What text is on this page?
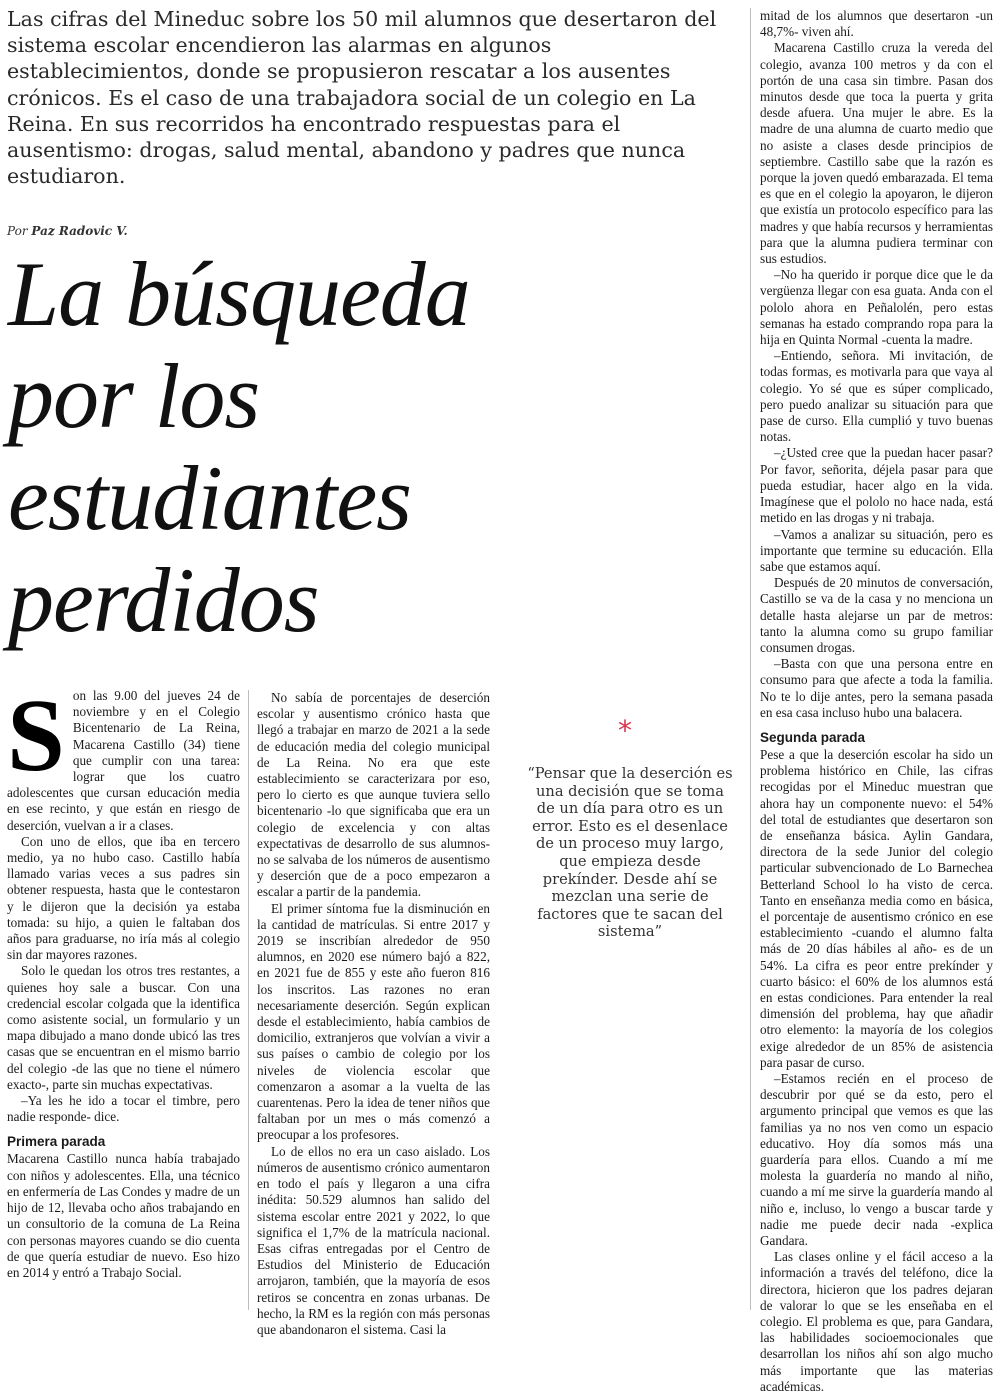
Las cifras del Mineduc sobre los 50 mil alumnos que desertaron del sistema escolar encendieron las alarmas en algunos establecimientos, donde se propusieron rescatar a los ausentes crónicos. Es el caso de una trabajadora social de un colegio en La Reina. En sus recorridos ha encontrado respuestas para el ausentismo: drogas, salud mental, abandono y padres que nunca estudiaron.
Por Paz Radovic V.
La búsqueda
por los
estudiantes
perdidos

Son las 9.00 del jueves 24 de noviembre y en el Colegio Bicentenario de La Reina, Macarena Castillo (34) tiene que cumplir con una tarea: lograr que los cuatro adolescentes que cursan educación media en ese recinto, y que están en riesgo de deserción, vuelvan a ir a clases.

Con uno de ellos, que iba en tercero medio, ya no hubo caso. Castillo había llamado varias veces a sus padres sin obtener respuesta, hasta que le contestaron y le dijeron que la decisión ya estaba tomada: su hijo, a quien le faltaban dos años para graduarse, no iría más al colegio sin dar mayores razones.

Solo le quedan los otros tres restantes, a quienes hoy sale a buscar. Con una credencial escolar colgada que la identifica como asistente social, un formulario y un mapa dibujado a mano donde ubicó las tres casas que se encuentran en el mismo barrio del colegio -de las que no tiene el número exacto-, parte sin muchas expectativas.

–Ya les he ido a tocar el timbre, pero nadie responde- dice.

Primera parada

Macarena Castillo nunca había trabajado con niños y adolescentes. Ella, una técnico en enfermería de Las Condes y madre de un hijo de 12, llevaba ocho años trabajando en un consultorio de la comuna de La Reina con personas mayores cuando se dio cuenta de que quería estudiar de nuevo. Eso hizo en 2014 y entró a Trabajo Social.

No sabía de porcentajes de deserción escolar y ausentismo crónico hasta que llegó a trabajar en marzo de 2021 a la sede de educación media del colegio municipal de La Reina. No era que este establecimiento se caracterizara por eso, pero lo cierto es que aunque tuviera sello bicentenario -lo que significaba que era un colegio de excelencia y con altas expectativas de desarrollo de sus alumnos- no se salvaba de los números de ausentismo y deserción que de a poco empezaron a escalar a partir de la pandemia.

El primer síntoma fue la disminución en la cantidad de matrículas. Si entre 2017 y 2019 se inscribían alrededor de 950 alumnos, en 2020 ese número bajó a 822, en 2021 fue de 855 y este año fueron 816 los inscritos. Las razones no eran necesariamente deserción. Según explican desde el establecimiento, había cambios de domicilio, extranjeros que volvían a vivir a sus países o cambio de colegio por los niveles de violencia escolar que comenzaron a asomar a la vuelta de las cuarentenas. Pero la idea de tener niños que faltaban por un mes o más comenzó a preocupar a los profesores.

Lo de ellos no era un caso aislado. Los números de ausentismo crónico aumentaron en todo el país y llegaron a una cifra inédita: 50.529 alumnos han salido del sistema escolar entre 2021 y 2022, lo que significa el 1,7% de la matrícula nacional. Esas cifras entregadas por el Centro de Estudios del Ministerio de Educación arrojaron, también, que la mayoría de esos retiros se concentra en zonas urbanas. De hecho, la RM es la región con más personas que abandonaron el sistema. Casi la

*
“Pensar que la deserción es una decisión que se toma de un día para otro es un error. Esto es el desenlace de un proceso muy largo, que empieza desde prekínder. Desde ahí se mezclan una serie de factores que te sacan del sistema”

mitad de los alumnos que desertaron -un 48,7%- viven ahí.

Macarena Castillo cruza la vereda del colegio, avanza 100 metros y da con el portón de una casa sin timbre. Pasan dos minutos desde que toca la puerta y grita desde afuera. Una mujer le abre. Es la madre de una alumna de cuarto medio que no asiste a clases desde principios de septiembre. Castillo sabe que la razón es porque la joven quedó embarazada. El tema es que en el colegio la apoyaron, le dijeron que existía un protocolo específico para las madres y que había recursos y herramientas para que la alumna pudiera terminar con sus estudios.

–No ha querido ir porque dice que le da vergüenza llegar con esa guata. Anda con el pololo ahora en Peñalolén, pero estas semanas ha estado comprando ropa para la hija en Quinta Normal -cuenta la madre.

–Entiendo, señora. Mi invitación, de todas formas, es motivarla para que vaya al colegio. Yo sé que es súper complicado, pero puedo analizar su situación para que pase de curso. Ella cumplió y tuvo buenas notas.

–¿Usted cree que la puedan hacer pasar? Por favor, señorita, déjela pasar para que pueda estudiar, hacer algo en la vida. Imagínese que el pololo no hace nada, está metido en las drogas y ni trabaja.

–Vamos a analizar su situación, pero es importante que termine su educación. Ella sabe que estamos aquí.

Después de 20 minutos de conversación, Castillo se va de la casa y no menciona un detalle hasta alejarse un par de metros: tanto la alumna como su grupo familiar consumen drogas.

–Basta con que una persona entre en consumo para que afecte a toda la familia. No te lo dije antes, pero la semana pasada en esa casa incluso hubo una balacera.

Segunda parada

Pese a que la deserción escolar ha sido un problema histórico en Chile, las cifras recogidas por el Mineduc muestran que ahora hay un componente nuevo: el 54% del total de estudiantes que desertaron son de enseñanza básica. Aylin Gandara, directora de la sede Junior del colegio particular subvencionado de Lo Barnechea Betterland School lo ha visto de cerca. Tanto en enseñanza media como en básica, el porcentaje de ausentismo crónico en ese establecimiento -cuando el alumno falta más de 20 días hábiles al año- es de un 54%. La cifra es peor entre prekínder y cuarto básico: el 60% de los alumnos está en estas condiciones. Para entender la real dimensión del problema, hay que añadir otro elemento: la mayoría de los colegios exige alrededor de un 85% de asistencia para pasar de curso.

–Estamos recién en el proceso de descubrir por qué se da esto, pero el argumento principal que vemos es que las familias ya no nos ven como un espacio educativo. Hoy día somos más una guardería para ellos. Cuando a mí me molesta la guardería no mando al niño, cuando a mí me sirve la guardería mando al niño e, incluso, lo vengo a buscar tarde y nadie me puede decir nada -explica Gandara.

Las clases online y el fácil acceso a la información a través del teléfono, dice la directora, hicieron que los padres dejaran de valorar lo que se les enseñaba en el colegio. El problema es que, para Gandara, las habilidades socioemocionales que desarrollan los niños ahí son algo mucho más importante que las materias académicas.
